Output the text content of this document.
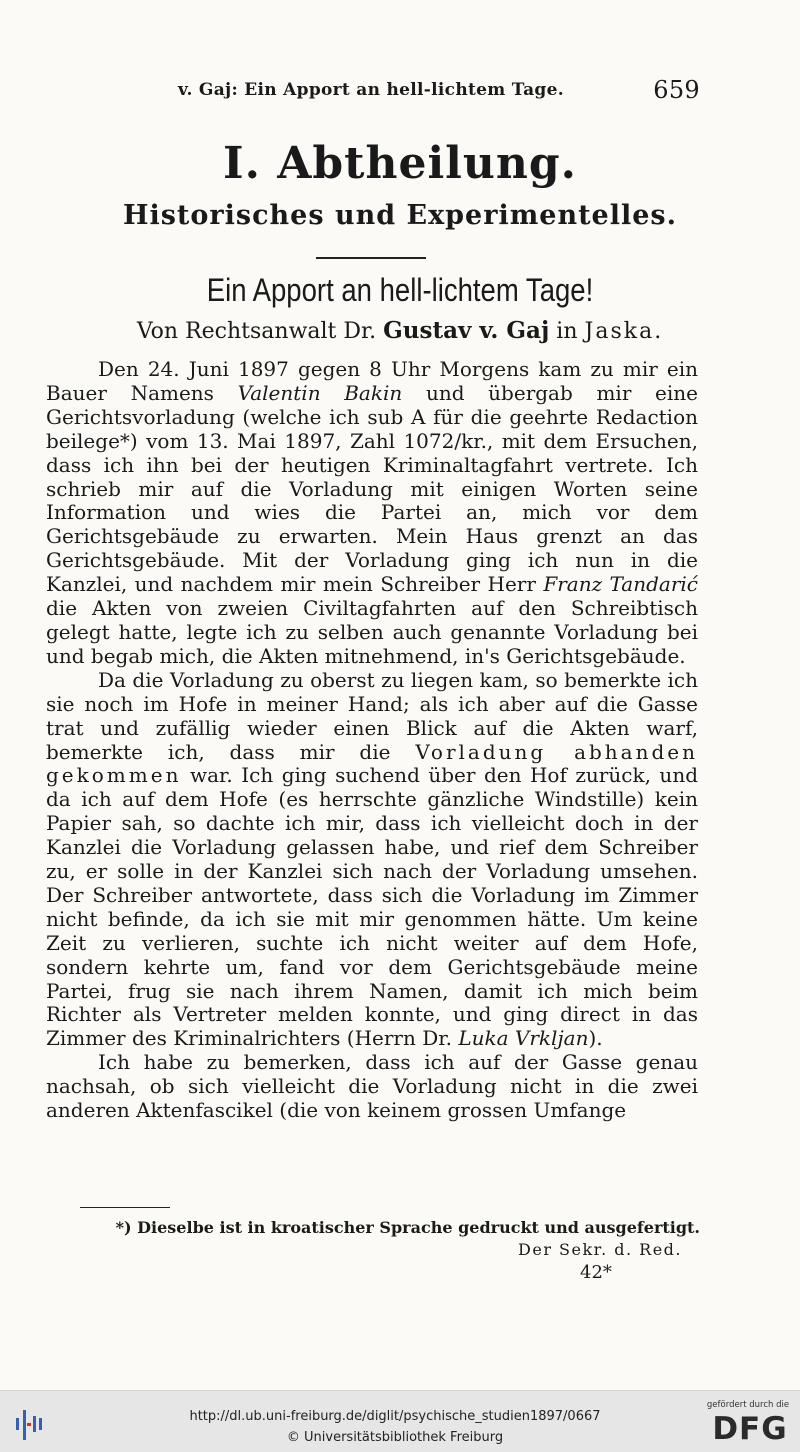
v. Gaj: Ein Apport an hell-lichtem Tage.	659
I. Abtheilung.
Historisches und Experimentelles.
Ein Apport an hell-lichtem Tage!
Von Rechtsanwalt Dr. Gustav v. Gaj in Jaska.

Den 24. Juni 1897 gegen 8 Uhr Morgens kam zu mir ein Bauer Namens Valentin Bakin und übergab mir eine Gerichtsvorladung (welche ich sub A für die geehrte Redaction beilege*) vom 13. Mai 1897, Zahl 1072/kr., mit dem Ersuchen, dass ich ihn bei der heutigen Kriminaltagfahrt vertrete. Ich schrieb mir auf die Vorladung mit einigen Worten seine Information und wies die Partei an, mich vor dem Gerichtsgebäude zu erwarten. Mein Haus grenzt an das Gerichtsgebäude. Mit der Vorladung ging ich nun in die Kanzlei, und nachdem mir mein Schreiber Herr Franz Tandarić die Akten von zweien Civiltagfahrten auf den Schreibtisch gelegt hatte, legte ich zu selben auch genannte Vorladung bei und begab mich, die Akten mitnehmend, in's Gerichtsgebäude.

Da die Vorladung zu oberst zu liegen kam, so bemerkte ich sie noch im Hofe in meiner Hand; als ich aber auf die Gasse trat und zufällig wieder einen Blick auf die Akten warf, bemerkte ich, dass mir die Vorladung abhanden gekommen war. Ich ging suchend über den Hof zurück, und da ich auf dem Hofe (es herrschte gänzliche Windstille) kein Papier sah, so dachte ich mir, dass ich vielleicht doch in der Kanzlei die Vorladung gelassen habe, und rief dem Schreiber zu, er solle in der Kanzlei sich nach der Vorladung umsehen. Der Schreiber antwortete, dass sich die Vorladung im Zimmer nicht befinde, da ich sie mit mir genommen hätte. Um keine Zeit zu verlieren, suchte ich nicht weiter auf dem Hofe, sondern kehrte um, fand vor dem Gerichtsgebäude meine Partei, frug sie nach ihrem Namen, damit ich mich beim Richter als Vertreter melden konnte, und ging direct in das Zimmer des Kriminalrichters (Herrn Dr. Luka Vrkljan).

Ich habe zu bemerken, dass ich auf der Gasse genau nachsah, ob sich vielleicht die Vorladung nicht in die zwei anderen Aktenfascikel (die von keinem grossen Umfange

*) Dieselbe ist in kroatischer Sprache gedruckt und ausgefertigt.
Der Sekr. d. Red.
42*
http://dl.ub.uni-freiburg.de/diglit/psychische_studien1897/0667
© Universitätsbibliothek Freiburg
gefördert durch die
DFG
